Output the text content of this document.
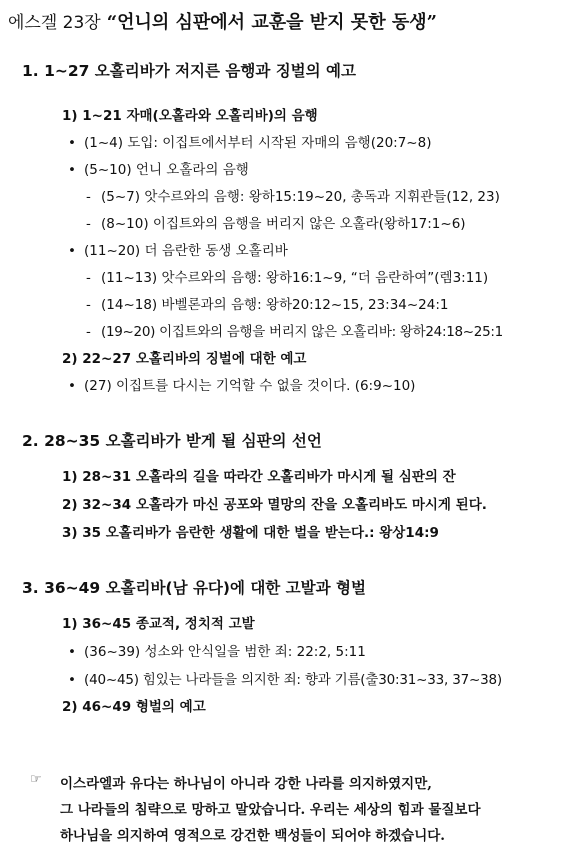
에스겔 23장 “언니의 심판에서 교훈을 받지 못한 동생”
1. 1~27 오홀리바가 저지른 음행과 징벌의 예고
1) 1~21 자매(오홀라와 오홀리바)의 음행
• (1~4) 도입: 이집트에서부터 시작된 자매의 음행(20:7~8)
• (5~10) 언니 오홀라의 음행
- (5~7) 앗수르와의 음행: 왕하15:19~20, 총독과 지휘관들(12, 23)
- (8~10) 이집트와의 음행을 버리지 않은 오홀라(왕하17:1~6)
• (11~20) 더 음란한 동생 오홀리바
- (11~13) 앗수르와의 음행: 왕하16:1~9, “더 음란하여”(렘3:11)
- (14~18) 바벨론과의 음행: 왕하20:12~15, 23:34~24:1
- (19~20) 이집트와의 음행을 버리지 않은 오홀리바: 왕하24:18~25:1
2) 22~27 오홀리바의 징벌에 대한 예고
• (27) 이집트를 다시는 기억할 수 없을 것이다. (6:9~10)
2. 28~35 오홀리바가 받게 될 심판의 선언
1) 28~31 오홀라의 길을 따라간 오홀리바가 마시게 될 심판의 잔
2) 32~34 오홀라가 마신 공포와 멸망의 잔을 오홀리바도 마시게 된다.
3) 35 오홀리바가 음란한 생활에 대한 벌을 받는다.: 왕상14:9
3. 36~49 오홀리바(남 유다)에 대한 고발과 형벌
1) 36~45 종교적, 정치적 고발
• (36~39) 성소와 안식일을 범한 죄: 22:2, 5:11
• (40~45) 힘있는 나라들을 의지한 죄: 향과 기름(출30:31~33, 37~38)
2) 46~49 형벌의 예고
☞ 이스라엘과 유다는 하나님이 아니라 강한 나라를 의지하였지만,
그 나라들의 침략으로 망하고 말았습니다. 우리는 세상의 힘과 물질보다
하나님을 의지하여 영적으로 강건한 백성들이 되어야 하겠습니다.
